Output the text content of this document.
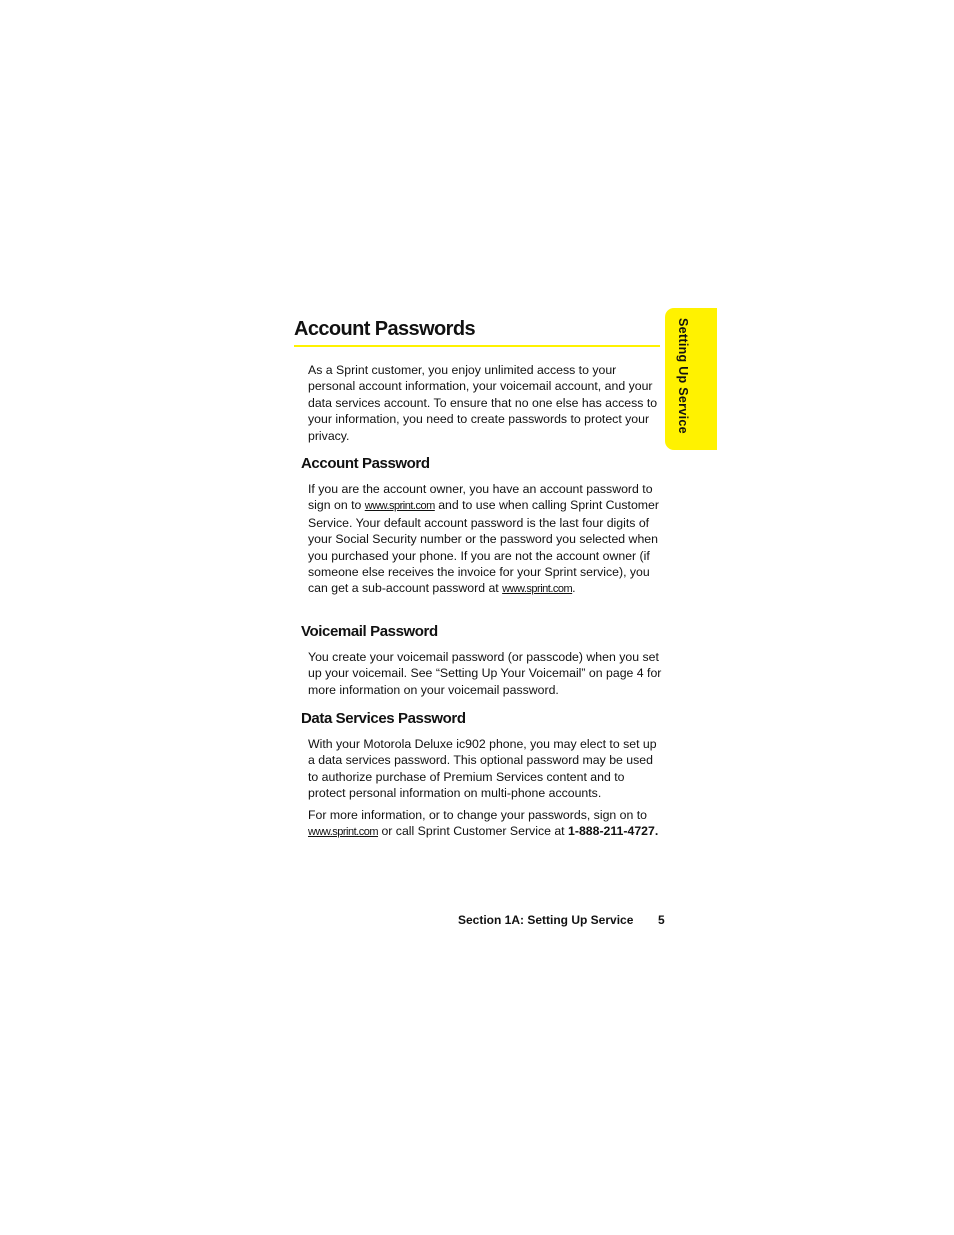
Account Passwords	Setting Up Service

As a Sprint customer, you enjoy unlimited access to your personal account information, your voicemail account, and your data services account. To ensure that no one else has access to your information, you need to create passwords to protect your privacy.

Account Password

If you are the account owner, you have an account password to sign on to www.sprint.com and to use when calling Sprint Customer Service. Your default account password is the last four digits of your Social Security number or the password you selected when you purchased your phone. If you are not the account owner (if someone else receives the invoice for your Sprint service), you can get a sub-account password at www.sprint.com.

Voicemail Password

You create your voicemail password (or passcode) when you set up your voicemail. See “Setting Up Your Voicemail” on page 4 for more information on your voicemail password.

Data Services Password

With your Motorola Deluxe ic902 phone, you may elect to set up a data services password. This optional password may be used to authorize purchase of Premium Services content and to protect personal information on multi-phone accounts.

For more information, or to change your passwords, sign on to www.sprint.com or call Sprint Customer Service at 1-888-211-4727.

Section 1A: Setting Up Service 5
